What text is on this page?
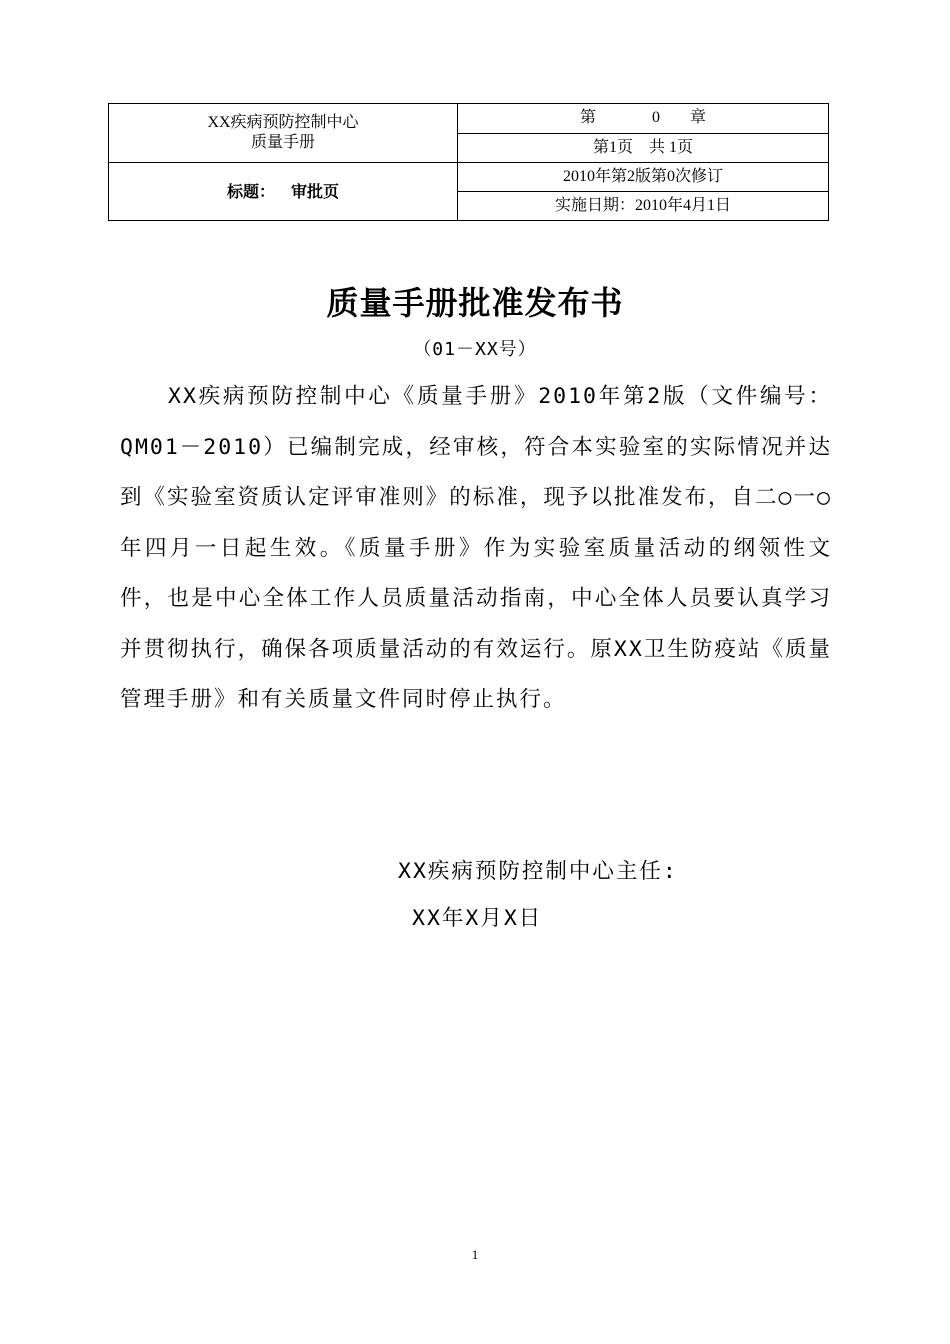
XX疾病预防控制中心
质量手册	第 0 章
	第1页　共 1页
标题： 审批页	2010年第2版第0次修订
	实施日期：2010年4月1日
质量手册批准发布书
（01－XX号）

XX疾病预防控制中心《质量手册》2010年第2版（文件编号：QM01－2010）已编制完成，经审核，符合本实验室的实际情况并达到《实验室资质认定评审准则》的标准，现予以批准发布，自二○一○年四月一日起生效。《质量手册》作为实验室质量活动的纲领性文件，也是中心全体工作人员质量活动指南，中心全体人员要认真学习并贯彻执行，确保各项质量活动的有效运行。原XX卫生防疫站《质量管理手册》和有关质量文件同时停止执行。

XX疾病预防控制中心主任:
XX年X月X日
1
